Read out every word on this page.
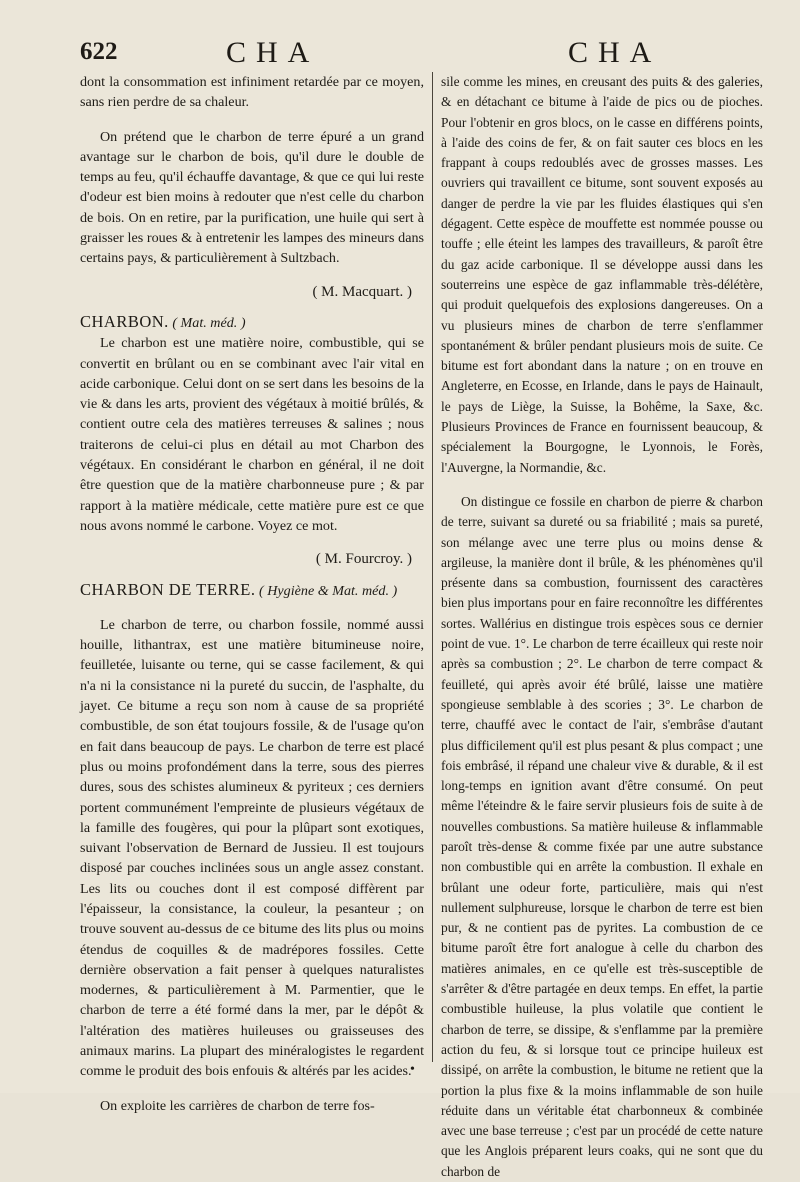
622	CHA	CHA

dont la consommation est infiniment retardée par ce moyen, sans rien perdre de sa chaleur.

On prétend que le charbon de terre épuré a un grand avantage sur le charbon de bois, qu'il dure le double de temps au feu, qu'il échauffe davantage, & que ce qui lui reste d'odeur est bien moins à redouter que n'est celle du charbon de bois. On en retire, par la purification, une huile qui sert à graisser les roues & à entretenir les lampes des mineurs dans certains pays, & particulièrement à Sultzbach.

( M. Macquart. )

CHARBON. ( Mat. méd. )

Le charbon est une matière noire, combustible, qui se convertit en brûlant ou en se combinant avec l'air vital en acide carbonique. Celui dont on se sert dans les besoins de la vie & dans les arts, provient des végétaux à moitié brûlés, & contient outre cela des matières terreuses & salines ; nous traiterons de celui-ci plus en détail au mot Charbon des végétaux. En considérant le charbon en général, il ne doit être question que de la matière charbonneuse pure ; & par rapport à la matière médicale, cette matière pure est ce que nous avons nommé le carbone. Voyez ce mot.

( M. Fourcroy. )

CHARBON DE TERRE. ( Hygiène & Mat. méd. )

Le charbon de terre, ou charbon fossile, nommé aussi houille, lithantrax, est une matière bitumineuse noire, feuilletée, luisante ou terne, qui se casse facilement, & qui n'a ni la consistance ni la pureté du succin, de l'asphalte, du jayet. Ce bitume a reçu son nom à cause de sa propriété combustible, de son état toujours fossile, & de l'usage qu'on en fait dans beaucoup de pays. Le charbon de terre est placé plus ou moins profondément dans la terre, sous des pierres dures, sous des schistes alumineux & pyriteux ; ces derniers portent communément l'empreinte de plusieurs végétaux de la famille des fougères, qui pour la plûpart sont exotiques, suivant l'observation de Bernard de Jussieu. Il est toujours disposé par couches inclinées sous un angle assez constant. Les lits ou couches dont il est composé diffèrent par l'épaisseur, la consistance, la couleur, la pesanteur ; on trouve souvent au-dessus de ce bitume des lits plus ou moins étendus de coquilles & de madrépores fossiles. Cette dernière observation a fait penser à quelques naturalistes modernes, & particulièrement à M. Parmentier, que le charbon de terre a été formé dans la mer, par le dépôt & l'altération des matières huileuses ou graisseuses des animaux marins. La plupart des minéralogistes le regardent comme le produit des bois enfouis & altérés par les acides.

On exploite les carrières de charbon de terre fos-

sile comme les mines, en creusant des puits & des galeries, & en détachant ce bitume à l'aide de pics ou de pioches. Pour l'obtenir en gros blocs, on le casse en différens points, à l'aide des coins de fer, & on fait sauter ces blocs en les frappant à coups redoublés avec de grosses masses. Les ouvriers qui travaillent ce bitume, sont souvent exposés au danger de perdre la vie par les fluides élastiques qui s'en dégagent. Cette espèce de mouffette est nommée pousse ou touffe ; elle éteint les lampes des travailleurs, & paroît être du gaz acide carbonique. Il se développe aussi dans les souterreins une espèce de gaz inflammable très-délétère, qui produit quelquefois des explosions dangereuses. On a vu plusieurs mines de charbon de terre s'enflammer spontanément & brûler pendant plusieurs mois de suite. Ce bitume est fort abondant dans la nature ; on en trouve en Angleterre, en Ecosse, en Irlande, dans le pays de Hainault, le pays de Liège, la Suisse, la Bohême, la Saxe, &c. Plusieurs Provinces de France en fournissent beaucoup, & spécialement la Bourgogne, le Lyonnois, le Forès, l'Auvergne, la Normandie, &c.

On distingue ce fossile en charbon de pierre & charbon de terre, suivant sa dureté ou sa friabilité ; mais sa pureté, son mélange avec une terre plus ou moins dense & argileuse, la manière dont il brûle, & les phénomènes qu'il présente dans sa combustion, fournissent des caractères bien plus importans pour en faire reconnoître les différentes sortes. Wallérius en distingue trois espèces sous ce dernier point de vue. 1°. Le charbon de terre écailleux qui reste noir après sa combustion ; 2°. Le charbon de terre compact & feuilleté, qui après avoir été brûlé, laisse une matière spongieuse semblable à des scories ; 3°. Le charbon de terre, chauffé avec le contact de l'air, s'embrâse d'autant plus difficilement qu'il est plus pesant & plus compact ; une fois embrâsé, il répand une chaleur vive & durable, & il est long-temps en ignition avant d'être consumé. On peut même l'éteindre & le faire servir plusieurs fois de suite à de nouvelles combustions. Sa matière huileuse & inflammable paroît très-dense & comme fixée par une autre substance non combustible qui en arrête la combustion. Il exhale en brûlant une odeur forte, particulière, mais qui n'est nullement sulphureuse, lorsque le charbon de terre est bien pur, & ne contient pas de pyrites. La combustion de ce bitume paroît être fort analogue à celle du charbon des matières animales, en ce qu'elle est très-susceptible de s'arrêter & d'être partagée en deux temps. En effet, la partie combustible huileuse, la plus volatile que contient le charbon de terre, se dissipe, & s'enflamme par la première action du feu, & si lorsque tout ce principe huileux est dissipé, on arrête la combustion, le bitume ne retient que la portion la plus fixe & la moins inflammable de son huile réduite dans un véritable état charbonneux & combinée avec une base terreuse ; c'est par un procédé de cette nature que les Anglois préparent leurs coaks, qui ne sont que du charbon de

•
